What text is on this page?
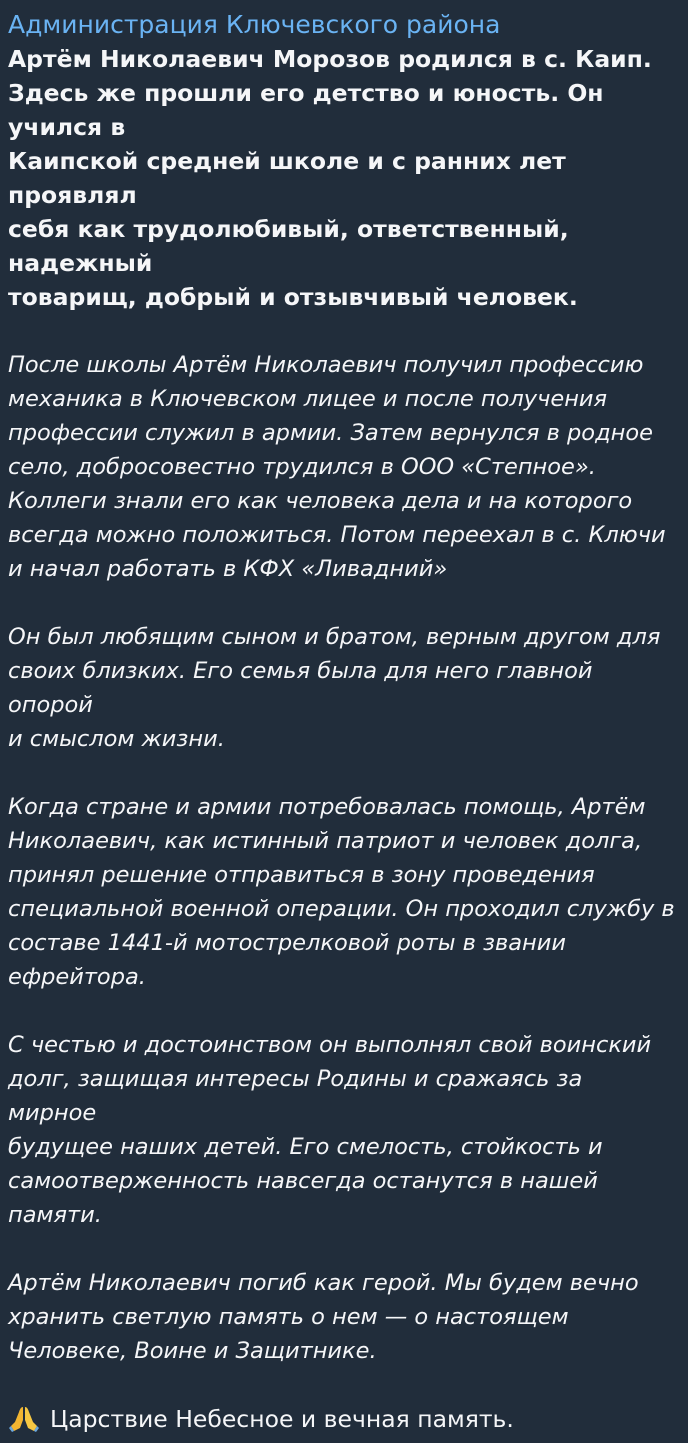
Администрация Ключевского района
Артём Николаевич Морозов родился в с. Каип.
Здесь же прошли его детство и юность. Он учился в
Каипской средней школе и с ранних лет проявлял
себя как трудолюбивый, ответственный, надежный
товарищ, добрый и отзывчивый человек.
После школы Артём Николаевич получил профессию
механика в Ключевском лицее и после получения
профессии служил в армии. Затем вернулся в родное
село, добросовестно трудился в ООО «Степное».
Коллеги знали его как человека дела и на которого
всегда можно положиться. Потом переехал в с. Ключи
и начал работать в КФХ «Ливадний»
Он был любящим сыном и братом, верным другом для
своих близких. Его семья была для него главной опорой
и смыслом жизни.
Когда стране и армии потребовалась помощь, Артём
Николаевич, как истинный патриот и человек долга,
принял решение отправиться в зону проведения
специальной военной операции. Он проходил службу в
составе 1441-й мотострелковой роты в звании
ефрейтора.
С честью и достоинством он выполнял свой воинский
долг, защищая интересы Родины и сражаясь за мирное
будущее наших детей. Его смелость, стойкость и
самоотверженность навсегда останутся в нашей
памяти.
Артём Николаевич погиб как герой. Мы будем вечно
хранить светлую память о нем — о настоящем
Человеке, Воине и Защитнике.
Царствие Небесное и вечная память.
